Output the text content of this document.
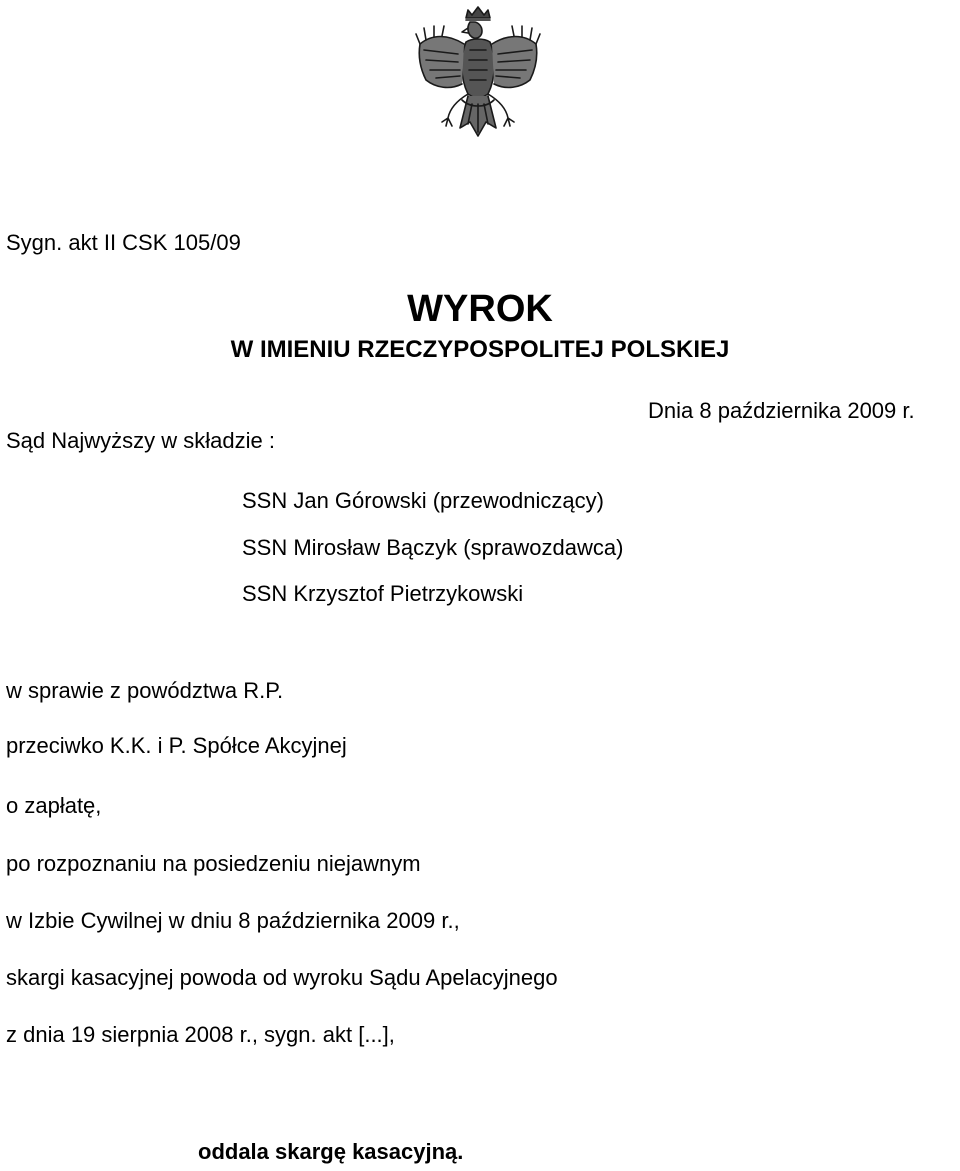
Sygn. akt II CSK 105/09
WYROK
W IMIENIU RZECZYPOSPOLITEJ POLSKIEJ
Dnia 8 października 2009 r.
Sąd Najwyższy w składzie :
SSN Jan Górowski (przewodniczący)
SSN Mirosław Bączyk (sprawozdawca)
SSN Krzysztof Pietrzykowski
w sprawie z powództwa R.P.
przeciwko K.K. i P. Spółce Akcyjnej
o zapłatę,
po rozpoznaniu na posiedzeniu niejawnym
w Izbie Cywilnej w dniu 8 października 2009 r.,
skargi kasacyjnej powoda od wyroku Sądu Apelacyjnego
z dnia 19 sierpnia 2008 r., sygn. akt [...],
oddala skargę kasacyjną.
